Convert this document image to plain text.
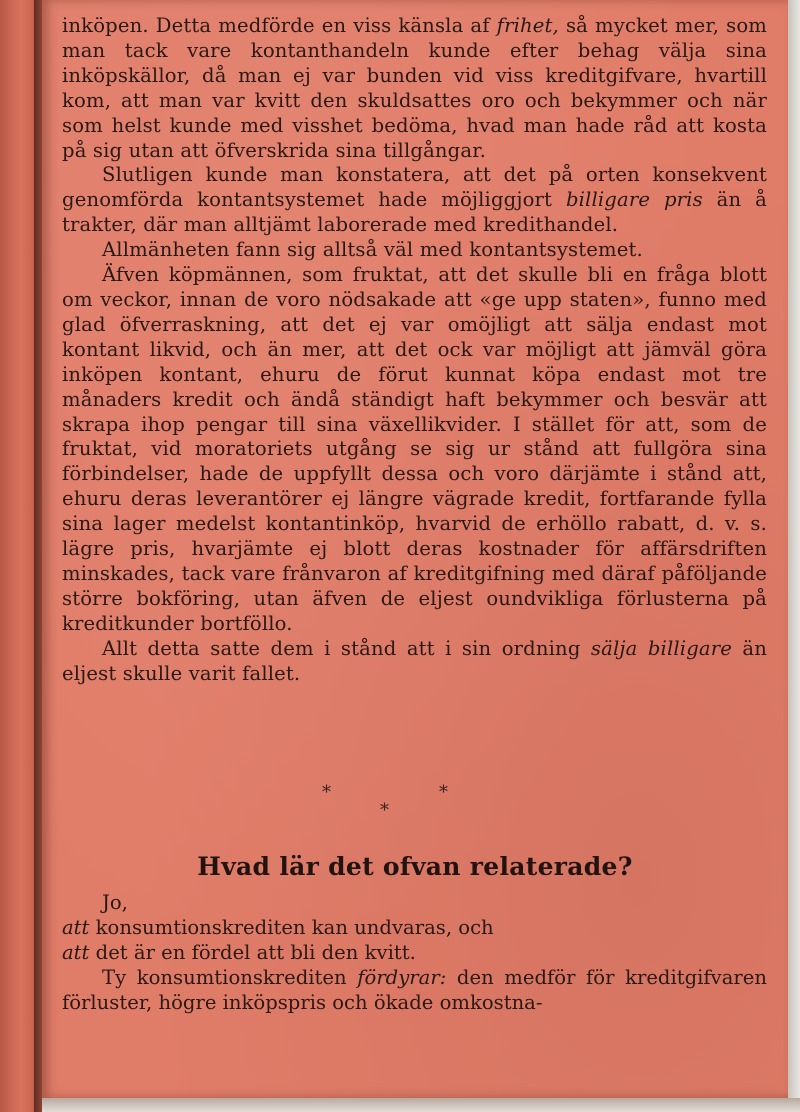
inköpen. Detta medförde en viss känsla af frihet, så mycket mer, som man tack vare kontanthandeln kunde efter behag välja sina inköpskällor, då man ej var bunden vid viss kreditgifvare, hvartill kom, att man var kvitt den skuldsattes oro och bekymmer och när som helst kunde med visshet bedöma, hvad man hade råd att kosta på sig utan att öfverskrida sina tillgångar.

Slutligen kunde man konstatera, att det på orten konsekvent genomförda kontantsystemet hade möjliggjort billigare pris än å trakter, där man alltjämt laborerade med kredithandel.

Allmänheten fann sig alltså väl med kontantsystemet.

Äfven köpmännen, som fruktat, att det skulle bli en fråga blott om veckor, innan de voro nödsakade att «ge upp staten», funno med glad öfverraskning, att det ej var omöjligt att sälja endast mot kontant likvid, och än mer, att det ock var möjligt att jämväl göra inköpen kontant, ehuru de förut kunnat köpa endast mot tre månaders kredit och ändå ständigt haft bekymmer och besvär att skrapa ihop pengar till sina växellikvider. I stället för att, som de fruktat, vid moratoriets utgång se sig ur stånd att fullgöra sina förbindelser, hade de uppfyllt dessa och voro därjämte i stånd att, ehuru deras leverantörer ej längre vägrade kredit, fortfarande fylla sina lager medelst kontantinköp, hvarvid de erhöllo rabatt, d. v. s. lägre pris, hvarjämte ej blott deras kostnader för affärsdriften minskades, tack vare frånvaron af kreditgifning med däraf påföljande större bokföring, utan äfven de eljest oundvikliga förlusterna på kreditkunder bortföllo.

Allt detta satte dem i stånd att i sin ordning sälja billigare än eljest skulle varit fallet.

*
*
*
Hvad lär det ofvan relaterade?

Jo,

att konsumtionskrediten kan undvaras, och

att det är en fördel att bli den kvitt.

Ty konsumtionskrediten fördyrar: den medför för kreditgifvaren förluster, högre inköpspris och ökade omkostna-
